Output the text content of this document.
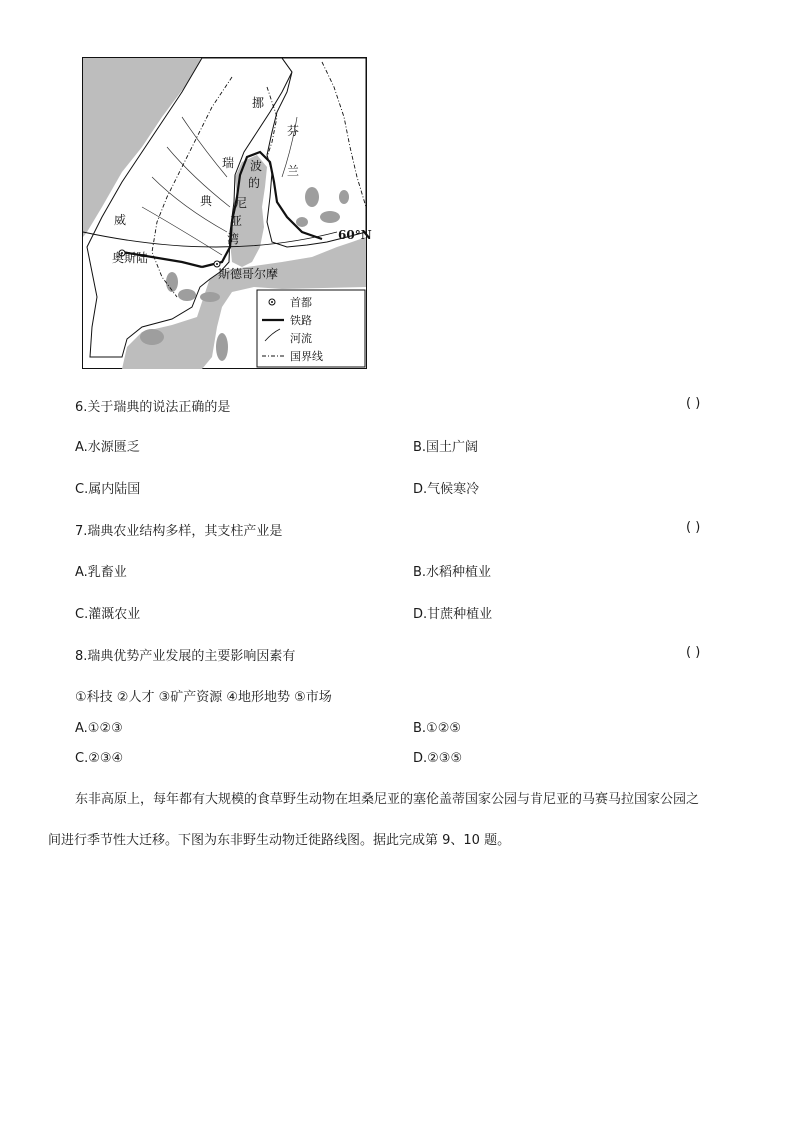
挪
威
芬
兰
瑞
典
波
的
尼
亚
湾
奥斯陆
斯德哥尔摩
60°N
首都
铁路
河流
国界线
6.关于瑞典的说法正确的是	( )
A.水源匮乏	B.国土广阔
C.属内陆国	D.气候寒冷
7.瑞典农业结构多样，其支柱产业是	( )
A.乳畜业	B.水稻种植业
C.灌溉农业	D.甘蔗种植业
8.瑞典优势产业发展的主要影响因素有	( )
①科技 ②人才 ③矿产资源 ④地形地势 ⑤市场
A.①②③	B.①②⑤
C.②③④	D.②③⑤
东非高原上，每年都有大规模的食草野生动物在坦桑尼亚的塞伦盖蒂国家公园与肯尼亚的马赛马拉国家公园之
间进行季节性大迁移。下图为东非野生动物迁徙路线图。据此完成第 9、10 题。
